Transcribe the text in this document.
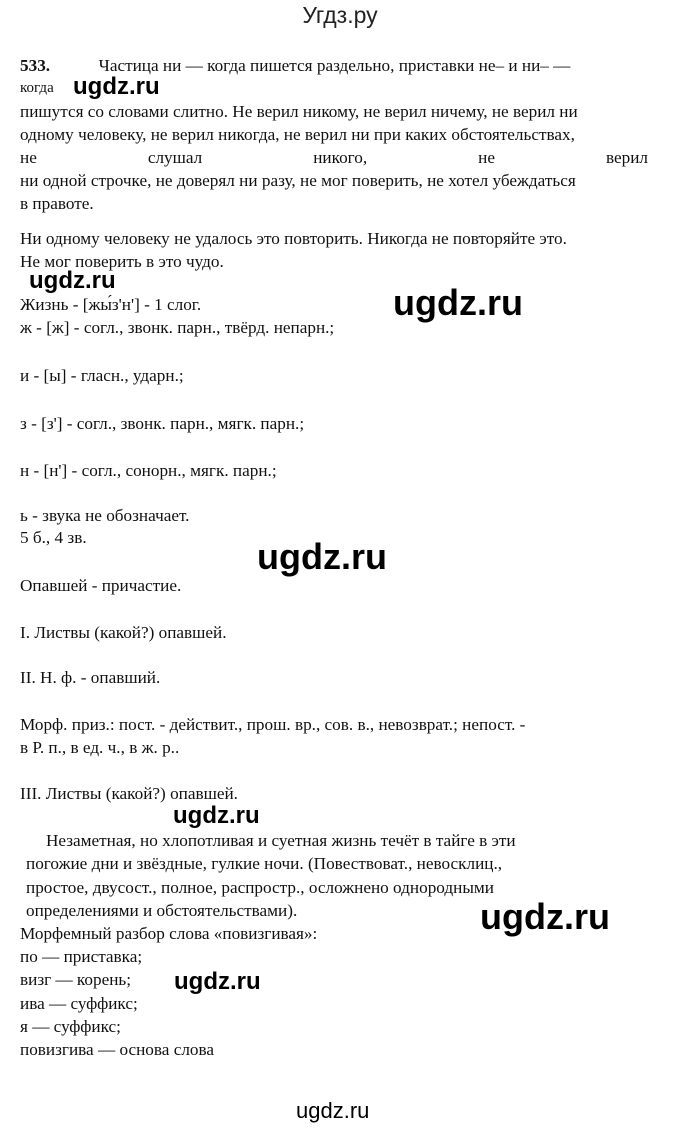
Угдз.ру
533.	Частица ни — когда пишется раздельно, приставки не– и ни– —
когда
пишутся со словами слитно. Не верил никому, не верил ничему, не верил ни
одному человеку, не верил никогда, не верил ни при каких обстоятельствах,
не	слушал	никого,	не	верил
ни одной строчке, не доверял ни разу, не мог поверить, не хотел убеждаться
в правоте.
Ни одному человеку не удалось это повторить. Никогда не повторяйте это.
Не мог поверить в это чудо.
Жизнь - [жы́з'н'] - 1 слог.
ж - [ж] - согл., звонк. парн., твёрд. непарн.;
и - [ы] - гласн., ударн.;
з - [з'] - согл., звонк. парн., мягк. парн.;
н - [н'] - согл., сонорн., мягк. парн.;
ь - звука не обозначает.
5 б., 4 зв.
Опавшей - причастие.
I. Листвы (какой?) опавшей.
II. Н. ф. - опавший.
Морф. приз.: пост. - действит., прош. вр., сов. в., невозврат.; непост. -
в Р. п., в ед. ч., в ж. р..
III. Листвы (какой?) опавшей.
Незаметная, но хлопотливая и суетная жизнь течёт в тайге в эти
погожие дни и звёздные, гулкие ночи. (Повествоват., невосклиц.,
простое, двусост., полное, распростр., осложнено однородными
определениями и обстоятельствами).
Морфемный разбор слова «повизгивая»:
по — приставка;
визг — корень;
ива — суффикс;
я — суффикс;
повизгива — основа слова
ugdz.ru
ugdz.ru
ugdz.ru
ugdz.ru
ugdz.ru
ugdz.ru
ugdz.ru
ugdz.ru
